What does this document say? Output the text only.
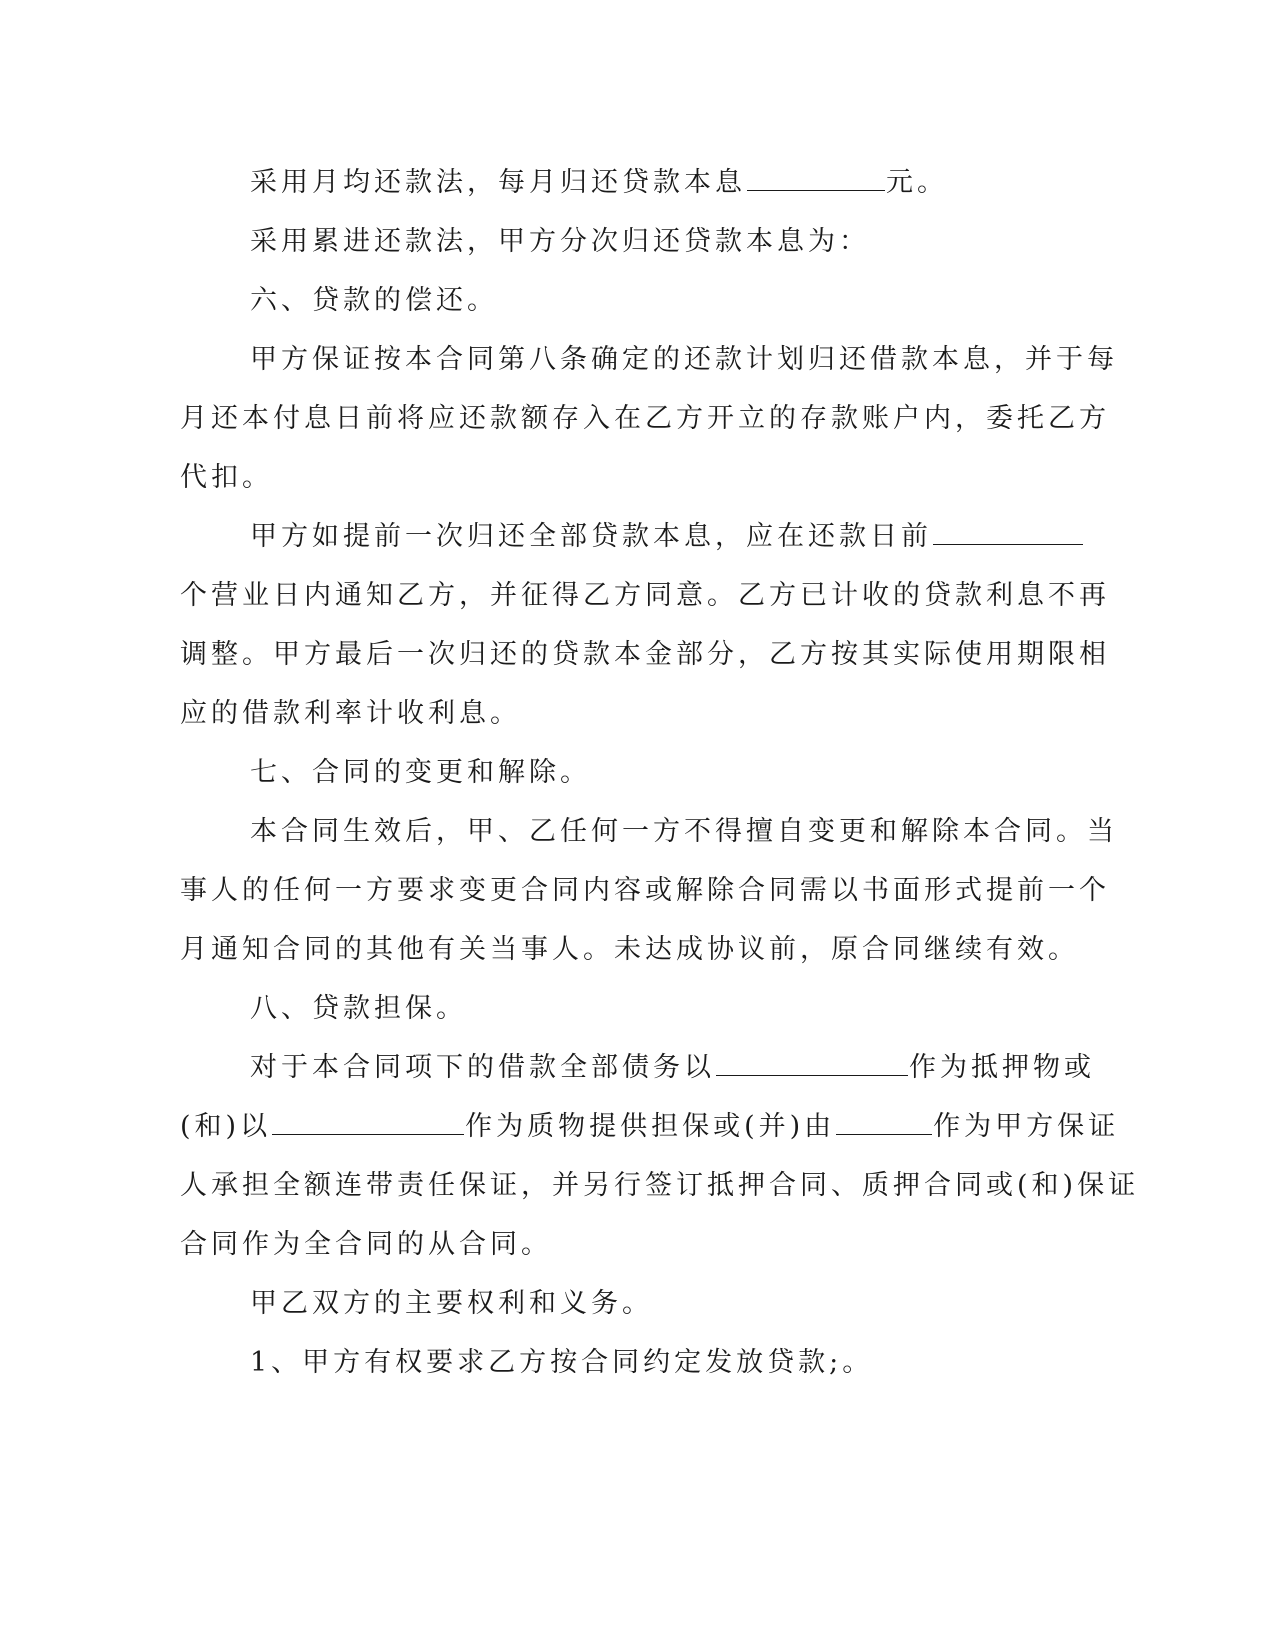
采用月均还款法，每月归还贷款本息	元。
采用累进还款法，甲方分次归还贷款本息为：
六、贷款的偿还。
甲方保证按本合同第八条确定的还款计划归还借款本息，并于每
月还本付息日前将应还款额存入在乙方开立的存款账户内，委托乙方
代扣。
甲方如提前一次归还全部贷款本息，应在还款日前
个营业日内通知乙方，并征得乙方同意。乙方已计收的贷款利息不再
调整。甲方最后一次归还的贷款本金部分，乙方按其实际使用期限相
应的借款利率计收利息。
七、合同的变更和解除。
本合同生效后，甲、乙任何一方不得擅自变更和解除本合同。当
事人的任何一方要求变更合同内容或解除合同需以书面形式提前一个
月通知合同的其他有关当事人。未达成协议前，原合同继续有效。
八、贷款担保。
对于本合同项下的借款全部债务以	作为抵押物或
(和)以	作为质物提供担保或(并)由	作为甲方保证
人承担全额连带责任保证，并另行签订抵押合同、质押合同或(和)保证
合同作为全合同的从合同。
甲乙双方的主要权利和义务。
1、甲方有权要求乙方按合同约定发放贷款;。
